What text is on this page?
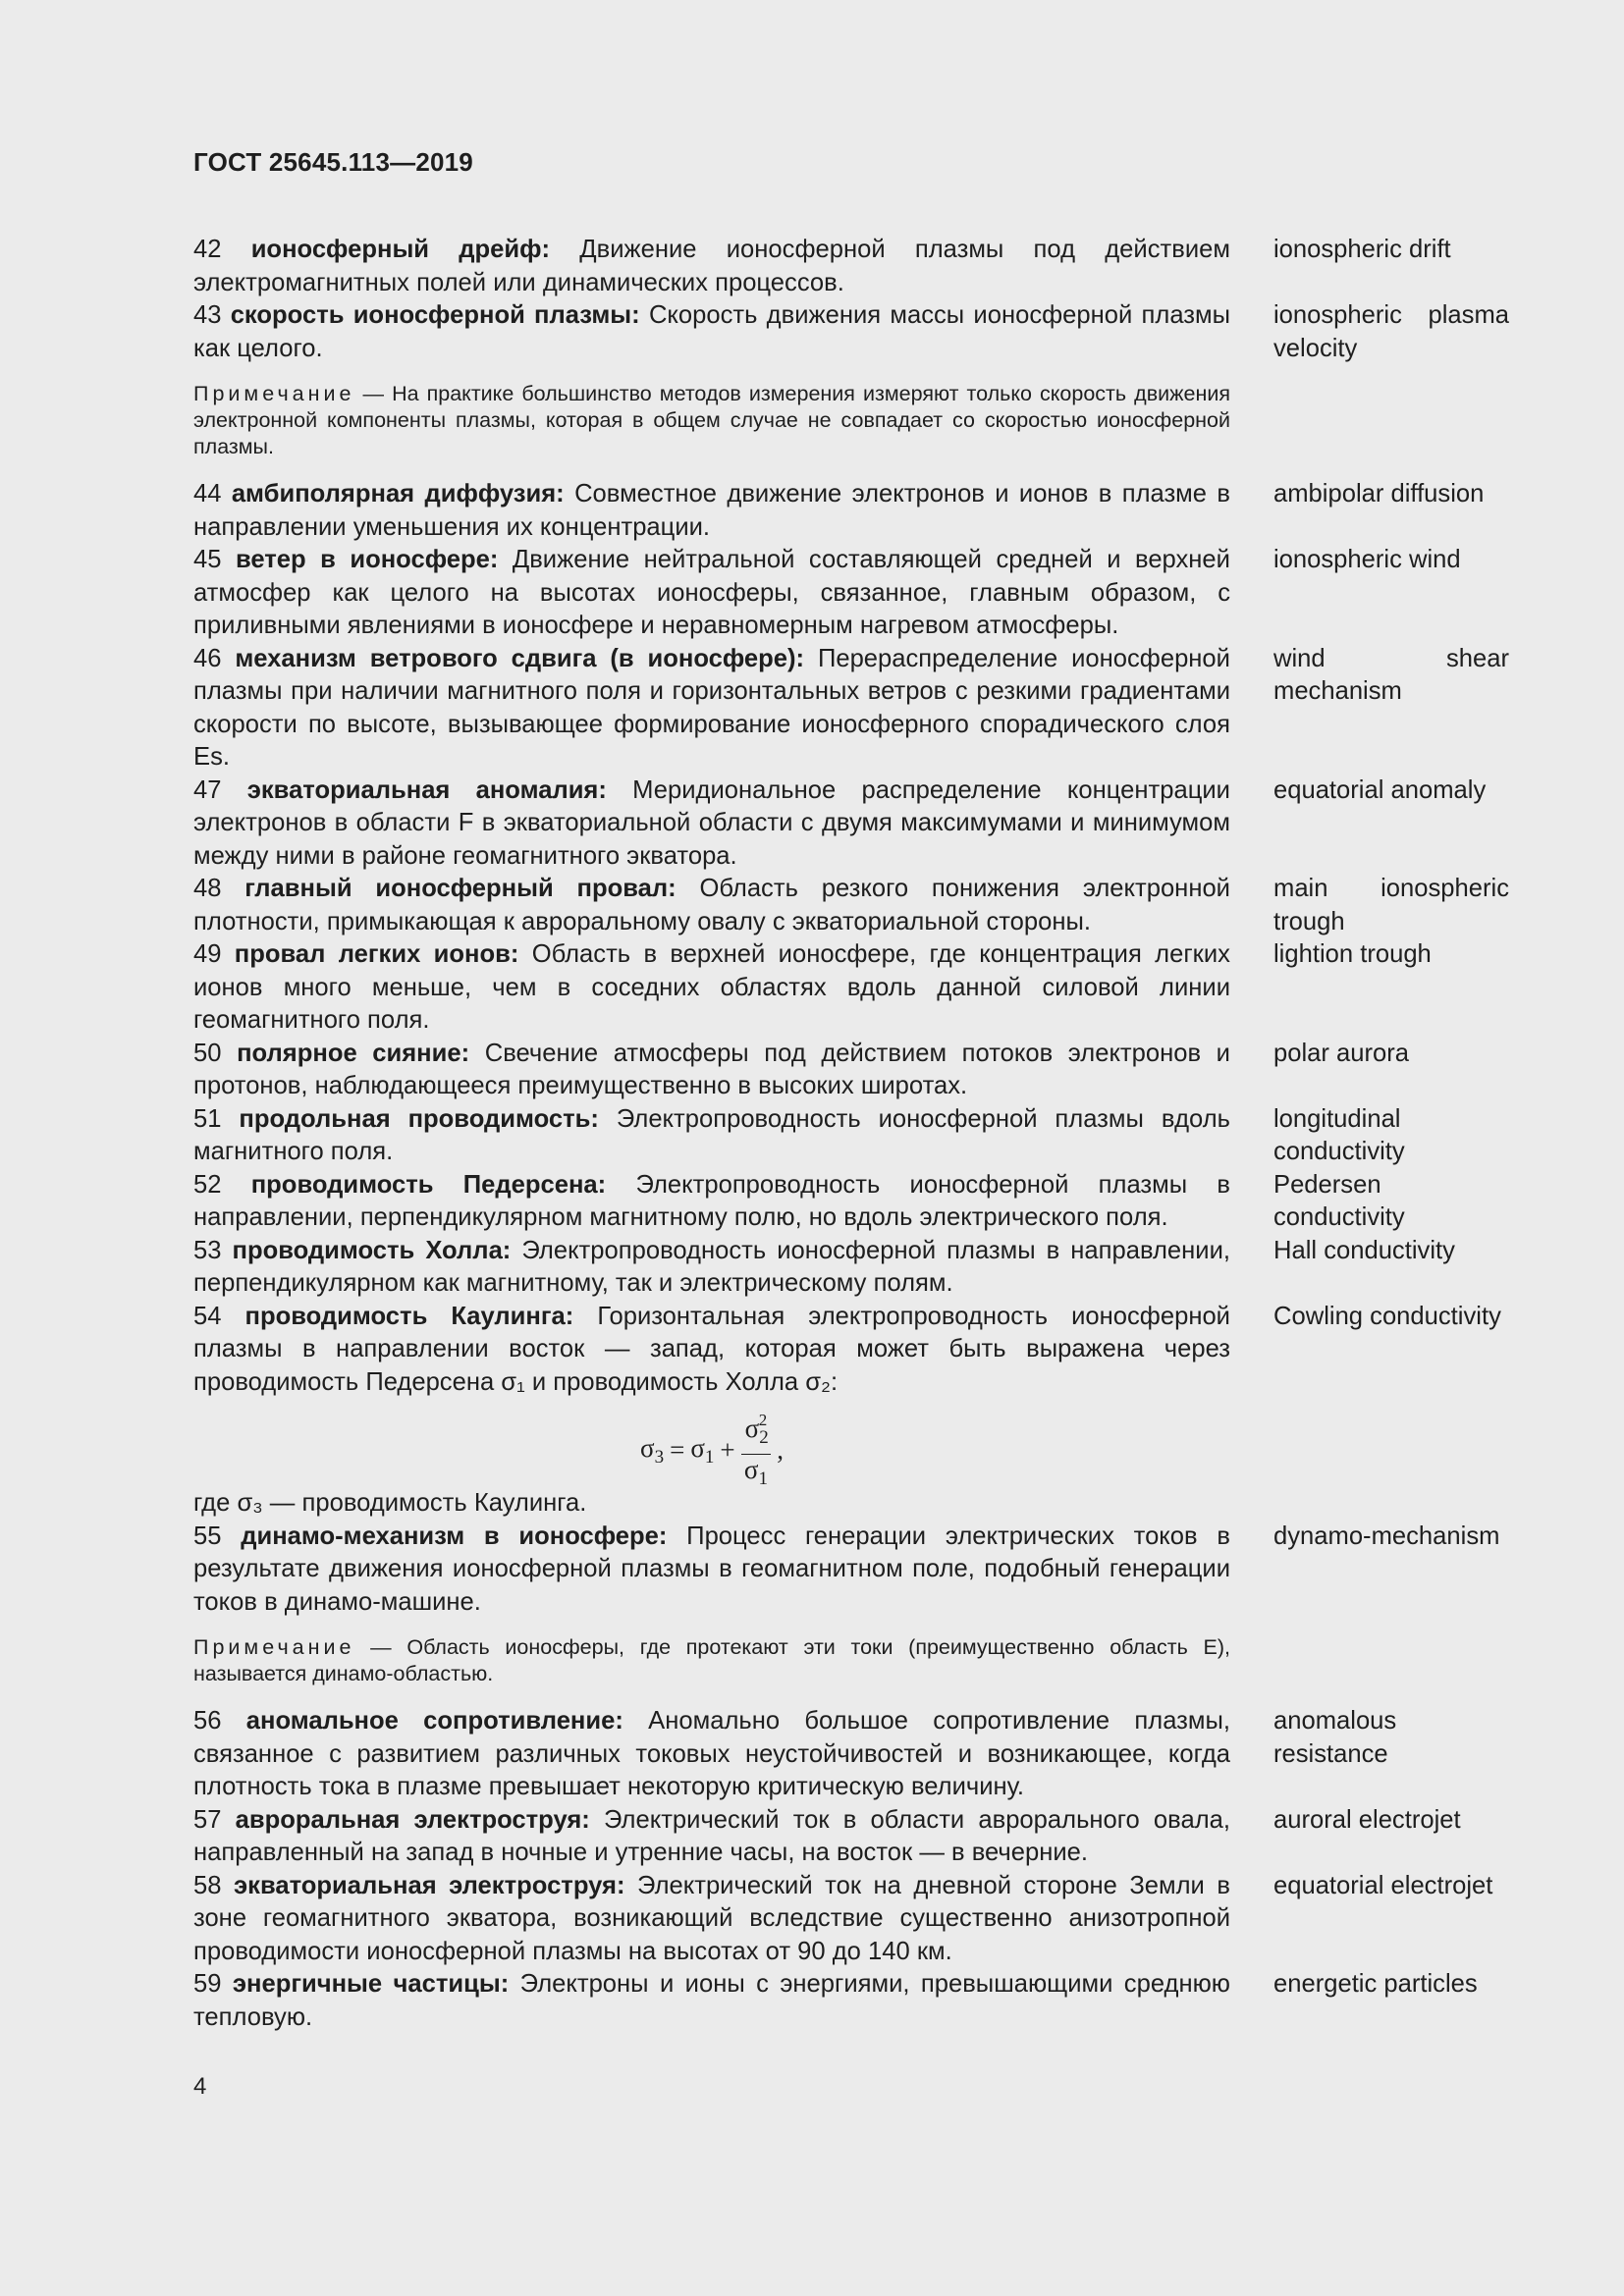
ГОСТ 25645.113—2019
42 ионосферный дрейф: Движение ионосферной плазмы под действием электромагнитных полей или динамических процессов.
ionospheric drift
43 скорость ионосферной плазмы: Скорость движения массы ионосферной плазмы как целого.
ionospheric plasma velocity
Примечание — На практике большинство методов измерения измеряют только скорость движения электронной компоненты плазмы, которая в общем случае не совпадает со скоростью ионосферной плазмы.
44 амбиполярная диффузия: Совместное движение электронов и ионов в плазме в направлении уменьшения их концентрации.
ambipolar diffusion
45 ветер в ионосфере: Движение нейтральной составляющей средней и верхней атмосфер как целого на высотах ионосферы, связанное, главным образом, с приливными явлениями в ионосфере и неравномерным нагревом атмосферы.
ionospheric wind
46 механизм ветрового сдвига (в ионосфере): Перераспределение ионосферной плазмы при наличии магнитного поля и горизонтальных ветров с резкими градиентами скорости по высоте, вызывающее формирование ионосферного спорадического слоя Es.
wind shear mechanism
47 экваториальная аномалия: Меридиональное распределение концентрации электронов в области F в экваториальной области с двумя максимумами и минимумом между ними в районе геомагнитного экватора.
equatorial anomaly
48 главный ионосферный провал: Область резкого понижения электронной плотности, примыкающая к авроральному овалу с экваториальной стороны.
main ionospheric trough
49 провал легких ионов: Область в верхней ионосфере, где концентрация легких ионов много меньше, чем в соседних областях вдоль данной силовой линии геомагнитного поля.
lightion trough
50 полярное сияние: Свечение атмосферы под действием потоков электронов и протонов, наблюдающееся преимущественно в высоких широтах.
polar aurora
51 продольная проводимость: Электропроводность ионосферной плазмы вдоль магнитного поля.
longitudinal conductivity
52 проводимость Педерсена: Электропроводность ионосферной плазмы в направлении, перпендикулярном магнитному полю, но вдоль электрического поля.
Pedersen conductivity
53 проводимость Холла: Электропроводность ионосферной плазмы в направлении, перпендикулярном как магнитному, так и электрическому полям.
Hall conductivity
54 проводимость Каулинга: Горизонтальная электропроводность ионосферной плазмы в направлении восток — запад, которая может быть выражена через проводимость Педерсена σ₁ и проводимость Холла σ₂:
Cowling conductivity
$\sigma_3 = \sigma_1 + \frac{\sigma_2^2}{\sigma_1}$ ,
где σ₃ — проводимость Каулинга.
55 динамо-механизм в ионосфере: Процесс генерации электрических токов в результате движения ионосферной плазмы в геомагнитном поле, подобный генерации токов в динамо-машине.
dynamo-mechanism
Примечание — Область ионосферы, где протекают эти токи (преимущественно область Е), называется динамо-областью.
56 аномальное сопротивление: Аномально большое сопротивление плазмы, связанное с развитием различных токовых неустойчивостей и возникающее, когда плотность тока в плазме превышает некоторую критическую величину.
anomalous resistance
57 авроральная электроструя: Электрический ток в области аврорального овала, направленный на запад в ночные и утренние часы, на восток — в вечерние.
auroral electrojet
58 экваториальная электроструя: Электрический ток на дневной стороне Земли в зоне геомагнитного экватора, возникающий вследствие существенно анизотропной проводимости ионосферной плазмы на высотах от 90 до 140 км.
equatorial electrojet
59 энергичные частицы: Электроны и ионы с энергиями, превышающими среднюю тепловую.
energetic particles
4
